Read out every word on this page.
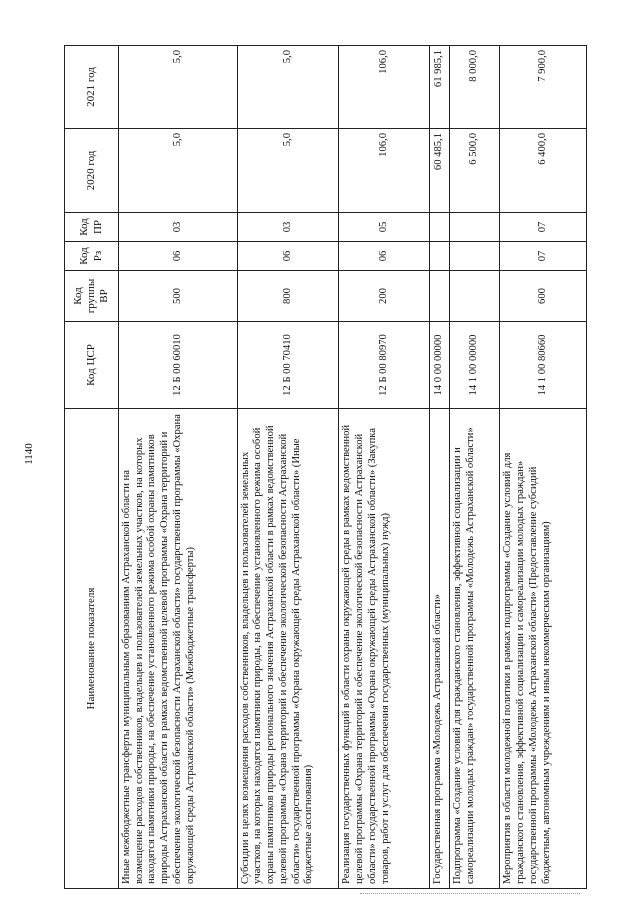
1140
Наименование показателя	Код ЦСР	Код группы ВР	Код Рз	Код ПР	2020 год	2021 год
Иные межбюджетные трансферты муниципальным образованиям Астраханской области на возмещение расходов собственников, владельцев и пользователей земельных участков, на которых находятся памятники природы, на обеспечение установленного режима особой охраны памятников природы Астраханской области в рамках ведомственной целевой программы «Охрана территорий и обеспечение экологической безопасности Астраханской области» государственной программы «Охрана окружающей среды Астраханской области» (Межбюджетные трансферты)	12 Б 00 60010	500	06	03	5,0	5,0
Субсидии в целях возмещения расходов собственников, владельцев и пользователей земельных участков, на которых находятся памятники природы, на обеспечение установленного режима особой охраны памятников природы регионального значения Астраханской области в рамках ведомственной целевой программы «Охрана территорий и обеспечение экологической безопасности Астраханской области» государственной программы «Охрана окружающей среды Астраханской области» (Иные бюджетные ассигнования)	12 Б 00 70410	800	06	03	5,0	5,0
Реализация государственных функций в области охраны окружающей среды в рамках ведомственной целевой программы «Охрана территорий и обеспечение экологической безопасности Астраханской области» государственной программы «Охрана окружающей среды Астраханской области» (Закупка товаров, работ и услуг для обеспечения государственных (муниципальных) нужд)	12 Б 00 80970	200	06	05	106,0	106,0
Государственная программа «Молодежь Астраханской области»	14 0 00 00000				60 485,1	61 985,1
Подпрограмма «Создание условий для гражданского становления, эффективной социализации и самореализации молодых граждан» государственной программы «Молодежь Астраханской области»	14 1 00 00000				6 500,0	8 000,0
Мероприятия в области молодежной политики в рамках подпрограммы «Создание условий для гражданского становления, эффективной социализации и самореализации молодых граждан» государственной программы «Молодежь Астраханской области» (Предоставление субсидий бюджетным, автономным учреждениям и иным некоммерческим организациям)	14 1 00 80660	600	07	07	6 400,0	7 900,0
